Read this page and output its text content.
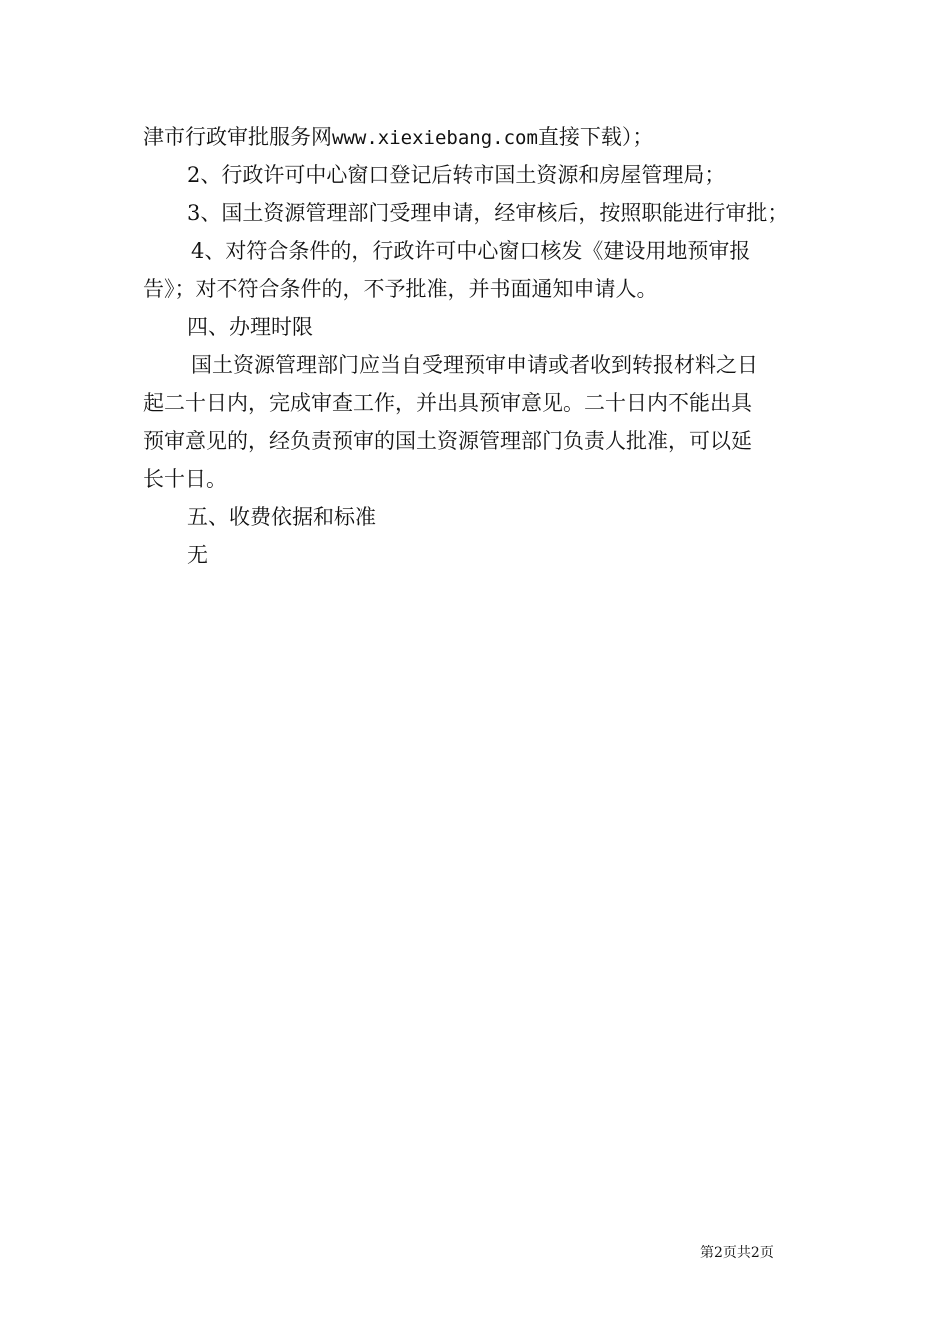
津市行政审批服务网www.xiexiebang.com直接下载）；
2、行政许可中心窗口登记后转市国土资源和房屋管理局；
3、国土资源管理部门受理申请，经审核后，按照职能进行审批；
4、对符合条件的，行政许可中心窗口核发《建设用地预审报
告》；对不符合条件的，不予批准，并书面通知申请人。
四、办理时限
国土资源管理部门应当自受理预审申请或者收到转报材料之日
起二十日内，完成审查工作，并出具预审意见。二十日内不能出具
预审意见的，经负责预审的国土资源管理部门负责人批准，可以延
长十日。
五、收费依据和标准
无
第2页共2页
